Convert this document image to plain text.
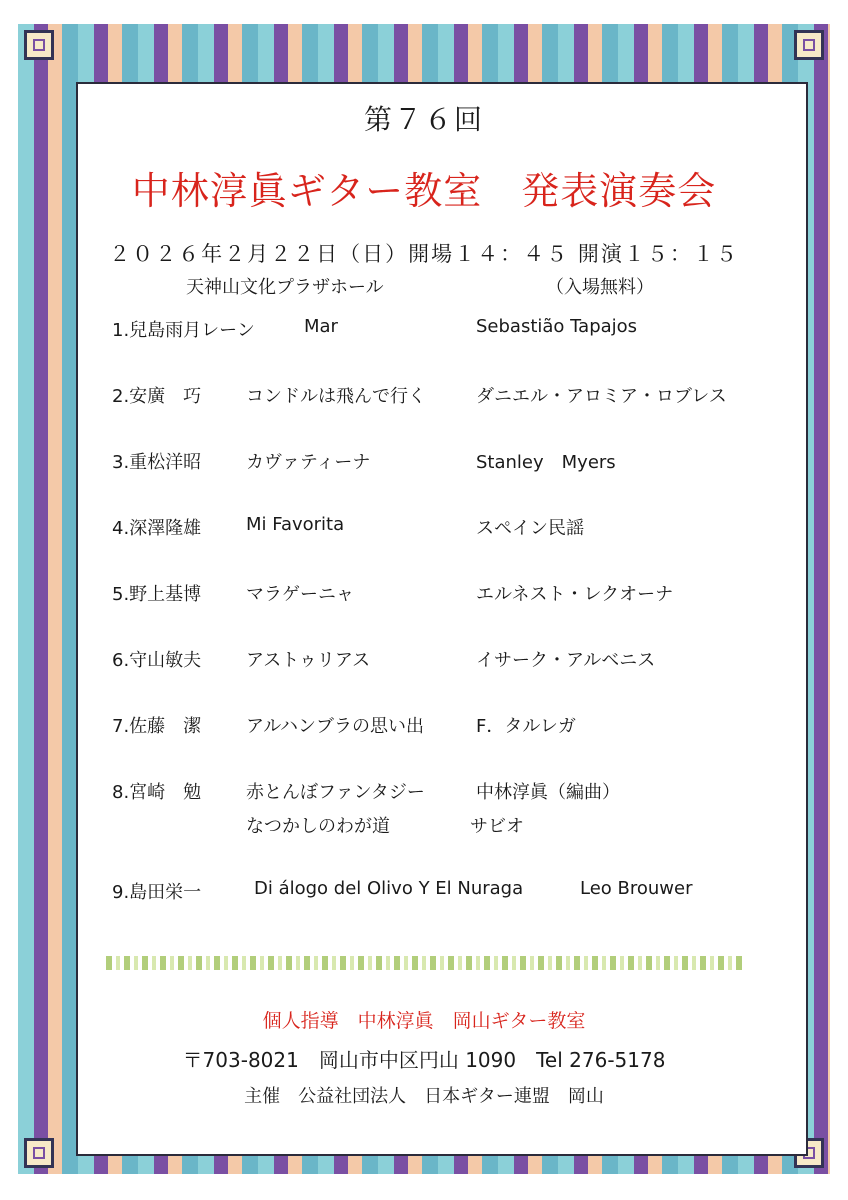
第７６回
中林淳眞ギター教室　発表演奏会
２０２６年２月２２日（日）開場１４：４５ 開演１５：１５
天神山文化プラザホール	（入場無料）
1.兒島雨月レーン	Mar	Sebastião Tapajos
2.安廣　巧 コンドルは飛んで行く	ダニエル・アロミア・ロブレス
3.重松洋昭 カヴァティーナ	Stanley　Myers
4.深澤隆雄 Mi Favorita	スペイン民謡
5.野上基博 マラゲーニャ	エルネスト・レクオーナ
6.守山敏夫 アストゥリアス	イサーク・アルベニス
7.佐藤　潔 アルハンブラの思い出	F．タルレガ
8.宮崎　勉 赤とんぼファンタジー	中林淳眞（編曲）
なつかしのわが道	サビオ
9.島田栄一	Di álogo del Olivo Y El Nuraga	Leo Brouwer
個人指導　中林淳眞　岡山ギター教室
〒703-8021　岡山市中区円山 1090　Tel 276-5178
主催　公益社団法人　日本ギター連盟　岡山
